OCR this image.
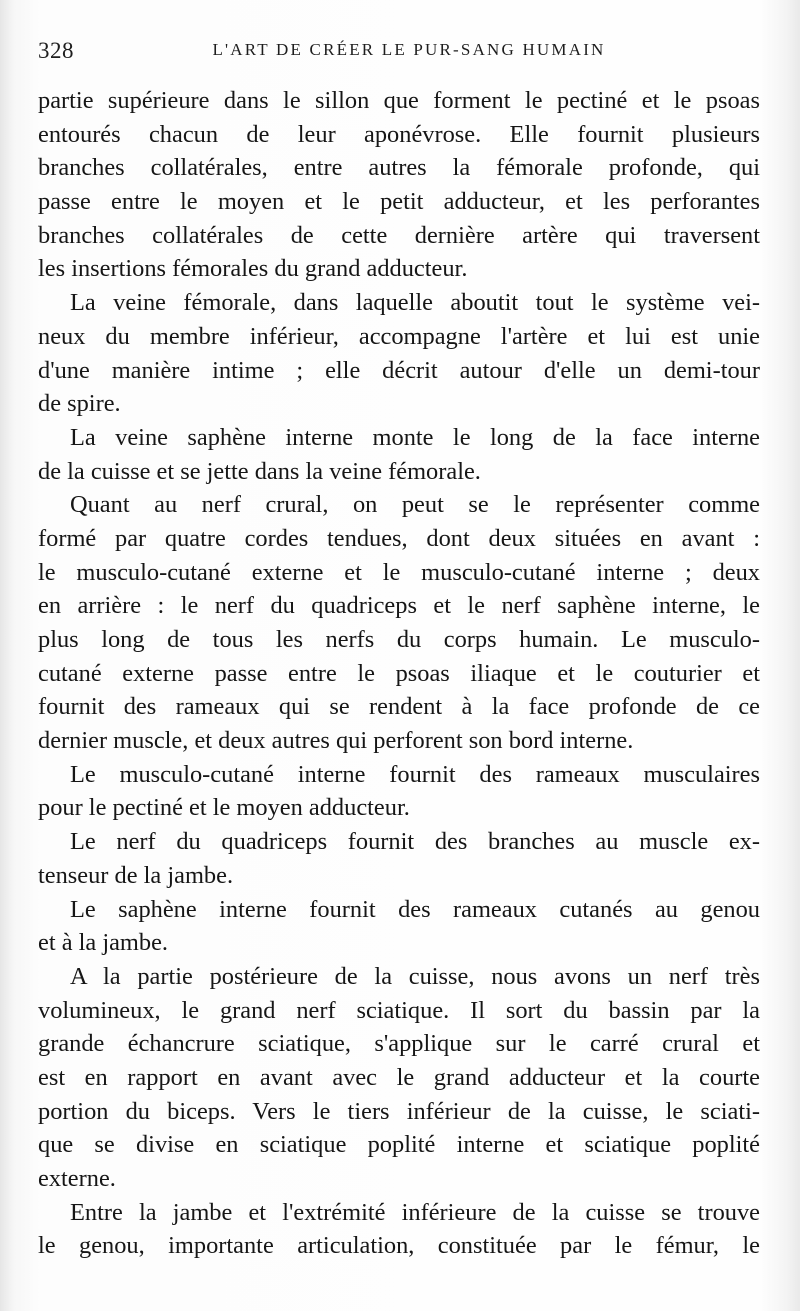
328	L'ART DE CRÉER LE PUR-SANG HUMAIN
partie supérieure dans le sillon que forment le pectiné et le psoas
entourés chacun de leur aponévrose. Elle fournit plusieurs
branches collatérales, entre autres la fémorale profonde, qui
passe entre le moyen et le petit adducteur, et les perforantes
branches collatérales de cette dernière artère qui traversent
les insertions fémorales du grand adducteur.
La veine fémorale, dans laquelle aboutit tout le système vei-
neux du membre inférieur, accompagne l'artère et lui est unie
d'une manière intime ; elle décrit autour d'elle un demi-tour
de spire.
La veine saphène interne monte le long de la face interne
de la cuisse et se jette dans la veine fémorale.
Quant au nerf crural, on peut se le représenter comme
formé par quatre cordes tendues, dont deux situées en avant :
le musculo-cutané externe et le musculo-cutané interne ; deux
en arrière : le nerf du quadriceps et le nerf saphène interne, le
plus long de tous les nerfs du corps humain. Le musculo-
cutané externe passe entre le psoas iliaque et le couturier et
fournit des rameaux qui se rendent à la face profonde de ce
dernier muscle, et deux autres qui perforent son bord interne.
Le musculo-cutané interne fournit des rameaux musculaires
pour le pectiné et le moyen adducteur.
Le nerf du quadriceps fournit des branches au muscle ex-
tenseur de la jambe.
Le saphène interne fournit des rameaux cutanés au genou
et à la jambe.
A la partie postérieure de la cuisse, nous avons un nerf très
volumineux, le grand nerf sciatique. Il sort du bassin par la
grande échancrure sciatique, s'applique sur le carré crural et
est en rapport en avant avec le grand adducteur et la courte
portion du biceps. Vers le tiers inférieur de la cuisse, le sciati-
que se divise en sciatique poplité interne et sciatique poplité
externe.
Entre la jambe et l'extrémité inférieure de la cuisse se trouve
le genou, importante articulation, constituée par le fémur, le
